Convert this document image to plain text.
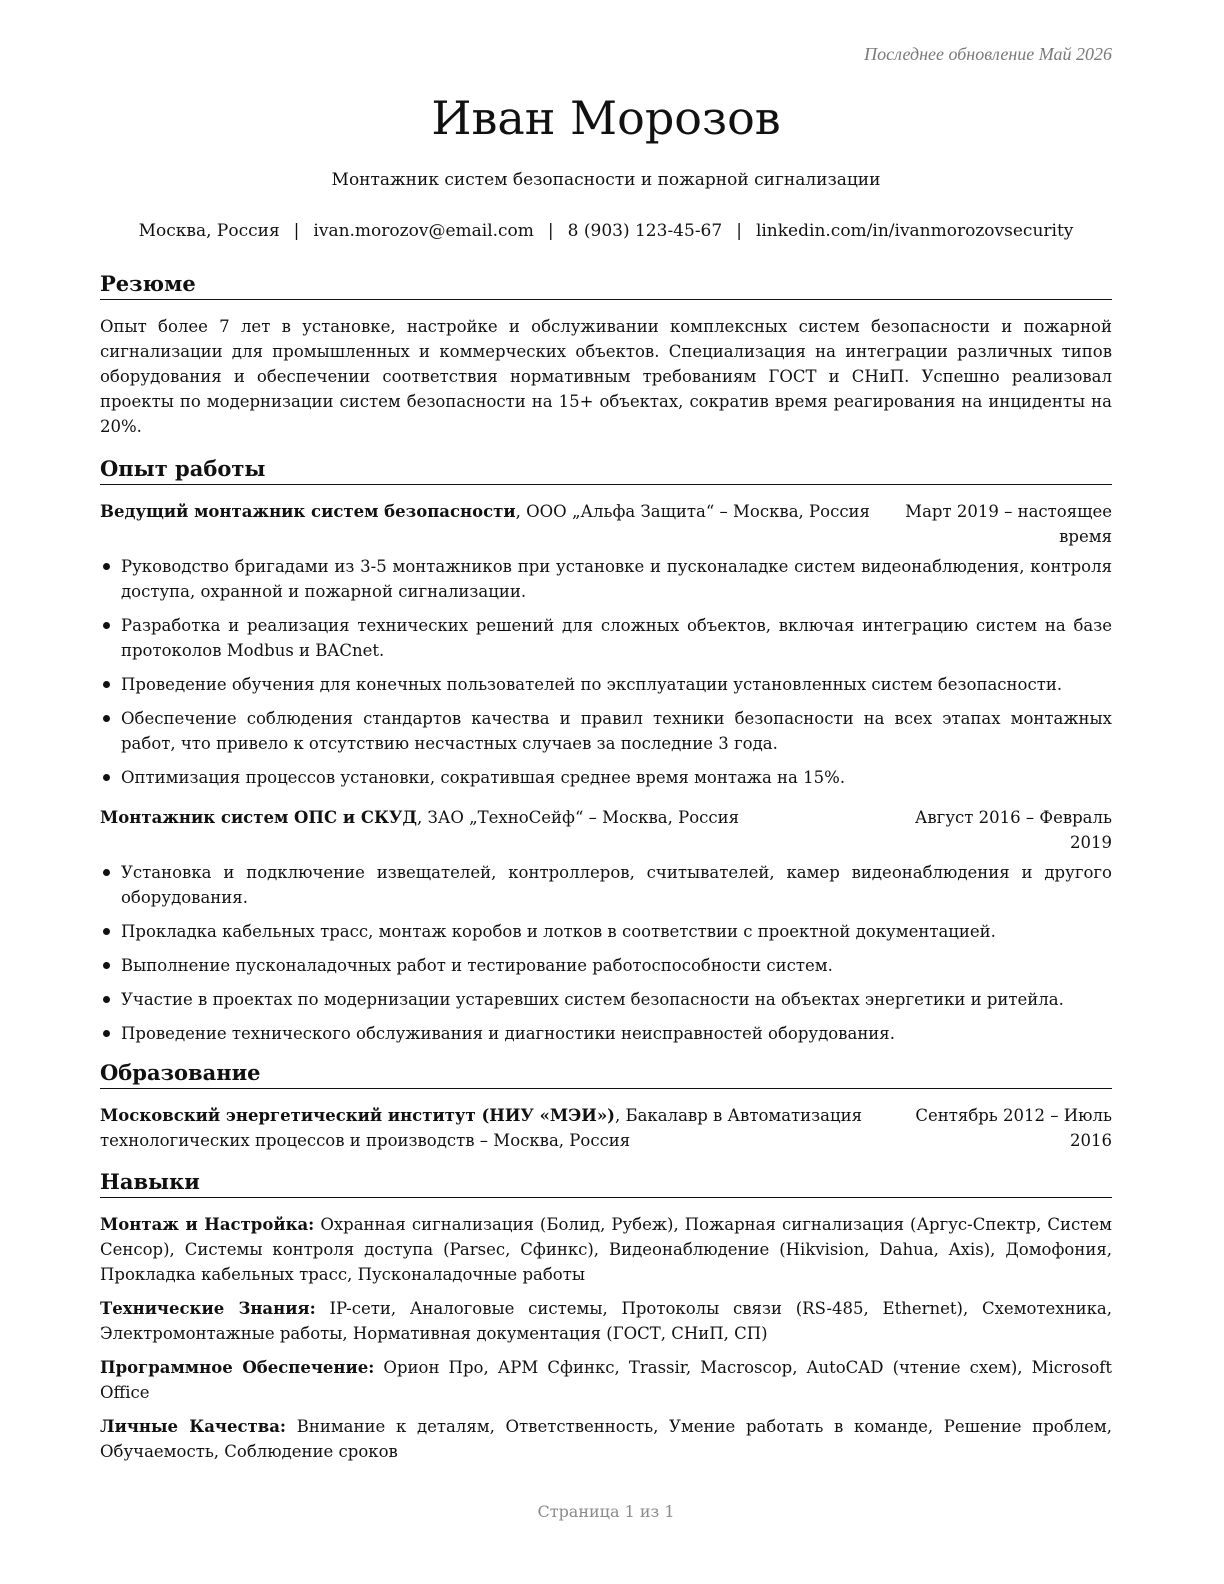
Последнее обновление Май 2026
Иван Морозов
Монтажник систем безопасности и пожарной сигнализации
Москва, Россия | ivan.morozov@email.com | 8 (903) 123-45-67 | linkedin.com/in/ivanmorozovsecurity
Резюме
Опыт более 7 лет в установке, настройке и обслуживании комплексных систем безопасности и пожарной сигнализации для промышленных и коммерческих объектов. Специализация на интеграции различных типов оборудования и обеспечении соответствия нормативным требованиям ГОСТ и СНиП. Успешно реализовал проекты по модернизации систем безопасности на 15+ объектах, сократив время реагирования на инциденты на 20%.
Опыт работы
Март 2019 – настоящее время
Ведущий монтажник систем безопасности, ООО „Альфа Защита“ – Москва, Россия
Руководство бригадами из 3-5 монтажников при установке и пусконаладке систем видеонаблюдения, контроля доступа, охранной и пожарной сигнализации.
Разработка и реализация технических решений для сложных объектов, включая интеграцию систем на базе протоколов Modbus и BACnet.
Проведение обучения для конечных пользователей по эксплуатации установленных систем безопасности.
Обеспечение соблюдения стандартов качества и правил техники безопасности на всех этапах монтажных работ, что привело к отсутствию несчастных случаев за последние 3 года.
Оптимизация процессов установки, сократившая среднее время монтажа на 15%.
Август 2016 – Февраль 2019
Монтажник систем ОПС и СКУД, ЗАО „ТехноСейф“ – Москва, Россия
Установка и подключение извещателей, контроллеров, считывателей, камер видеонаблюдения и другого оборудования.
Прокладка кабельных трасс, монтаж коробов и лотков в соответствии с проектной документацией.
Выполнение пусконаладочных работ и тестирование работоспособности систем.
Участие в проектах по модернизации устаревших систем безопасности на объектах энергетики и ритейла.
Проведение технического обслуживания и диагностики неисправностей оборудования.
Образование
Сентябрь 2012 – Июль 2016
Московский энергетический институт (НИУ «МЭИ»), Бакалавр в Автоматизация технологических процессов и производств – Москва, Россия
Навыки
Монтаж и Настройка: Охранная сигнализация (Болид, Рубеж), Пожарная сигнализация (Аргус-Спектр, Систем Сенсор), Системы контроля доступа (Parsec, Сфинкс), Видеонаблюдение (Hikvision, Dahua, Axis), Домофония, Прокладка кабельных трасс, Пусконаладочные работы
Технические Знания: IP-сети, Аналоговые системы, Протоколы связи (RS-485, Ethernet), Схемотехника, Электромонтажные работы, Нормативная документация (ГОСТ, СНиП, СП)
Программное Обеспечение: Орион Про, АРМ Сфинкс, Trassir, Macroscop, AutoCAD (чтение схем), Microsoft Office
Личные Качества: Внимание к деталям, Ответственность, Умение работать в команде, Решение проблем, Обучаемость, Соблюдение сроков
Страница 1 из 1
